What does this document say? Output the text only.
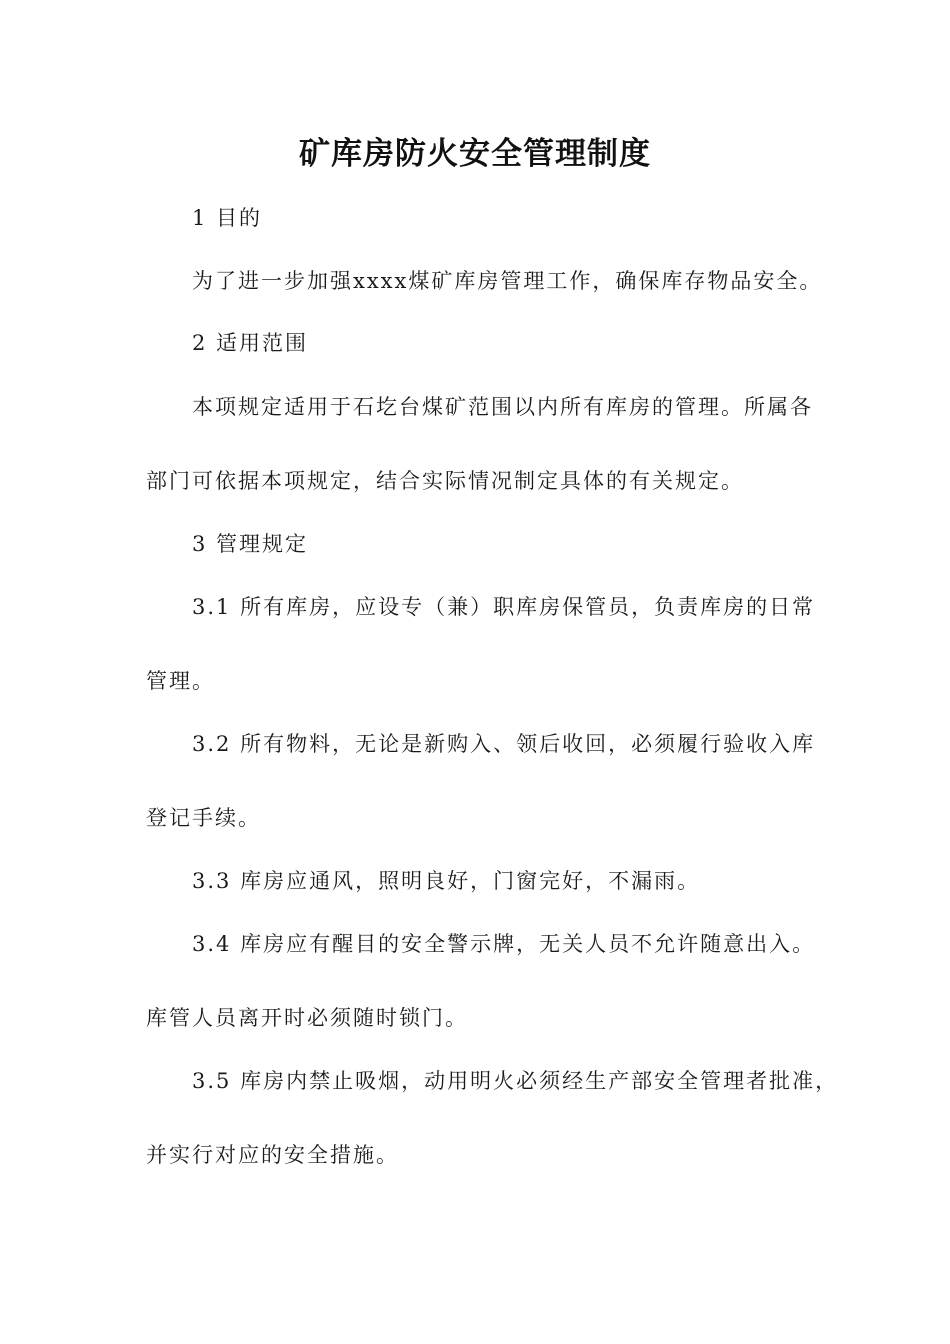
矿库房防火安全管理制度
1 目的
为了进一步加强xxxx煤矿库房管理工作，确保库存物品安全。
2 适用范围
本项规定适用于石圪台煤矿范围以内所有库房的管理。所属各
部门可依据本项规定，结合实际情况制定具体的有关规定。
3 管理规定
3.1 所有库房，应设专（兼）职库房保管员，负责库房的日常
管理。
3.2 所有物料，无论是新购入、领后收回，必须履行验收入库
登记手续。
3.3 库房应通风，照明良好，门窗完好，不漏雨。
3.4 库房应有醒目的安全警示牌，无关人员不允许随意出入。
库管人员离开时必须随时锁门。
3.5 库房内禁止吸烟，动用明火必须经生产部安全管理者批准，
并实行对应的安全措施。
